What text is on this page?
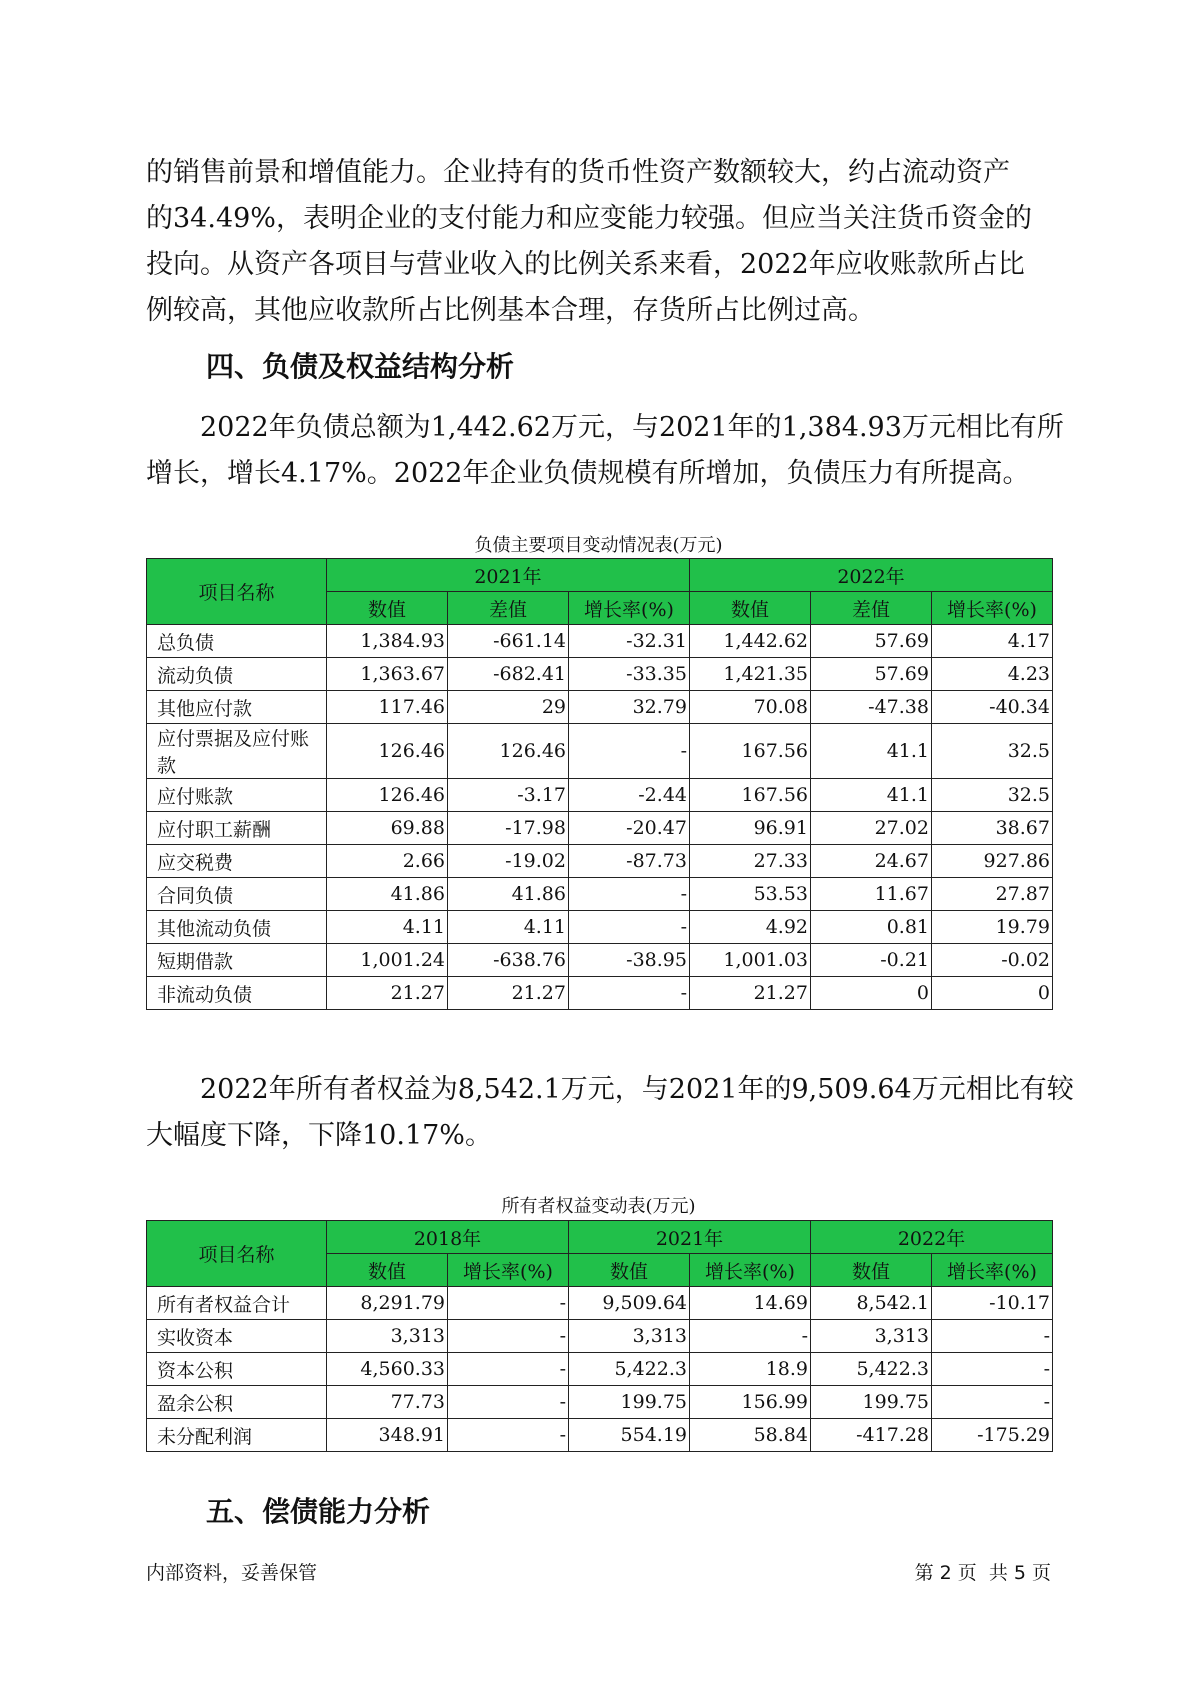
的销售前景和增值能力。企业持有的货币性资产数额较大，约占流动资产
的34.49%，表明企业的支付能力和应变能力较强。但应当关注货币资金的
投向。从资产各项目与营业收入的比例关系来看，2022年应收账款所占比
例较高，其他应收款所占比例基本合理，存货所占比例过高。
四、负债及权益结构分析
2022年负债总额为1,442.62万元，与2021年的1,384.93万元相比有所
增长，增长4.17%。2022年企业负债规模有所增加，负债压力有所提高。

负债主要项目变动情况表(万元)

项目名称	2021年			2022年		
	数值	差值	增长率(%)	数值	差值	增长率(%)
总负债	1,384.93	-661.14	-32.31	1,442.62	57.69	4.17
流动负债	1,363.67	-682.41	-33.35	1,421.35	57.69	4.23
其他应付款	117.46	29	32.79	70.08	-47.38	-40.34
应付票据及应付账款	126.46	126.46	-	167.56	41.1	32.5
应付账款	126.46	-3.17	-2.44	167.56	41.1	32.5
应付职工薪酬	69.88	-17.98	-20.47	96.91	27.02	38.67
应交税费	2.66	-19.02	-87.73	27.33	24.67	927.86
合同负债	41.86	41.86	-	53.53	11.67	27.87
其他流动负债	4.11	4.11	-	4.92	0.81	19.79
短期借款	1,001.24	-638.76	-38.95	1,001.03	-0.21	-0.02
非流动负债	21.27	21.27	-	21.27	0	0
2022年所有者权益为8,542.1万元，与2021年的9,509.64万元相比有较
大幅度下降，下降10.17%。

所有者权益变动表(万元)

项目名称	2018年		2021年		2022年	
	数值	增长率(%)	数值	增长率(%)	数值	增长率(%)
所有者权益合计	8,291.79	-	9,509.64	14.69	8,542.1	-10.17
实收资本	3,313	-	3,313	-	3,313	-
资本公积	4,560.33	-	5,422.3	18.9	5,422.3	-
盈余公积	77.73	-	199.75	156.99	199.75	-
未分配利润	348.91	-	554.19	58.84	-417.28	-175.29
五、偿债能力分析

内部资料，妥善保管	第 2 页  共 5 页
